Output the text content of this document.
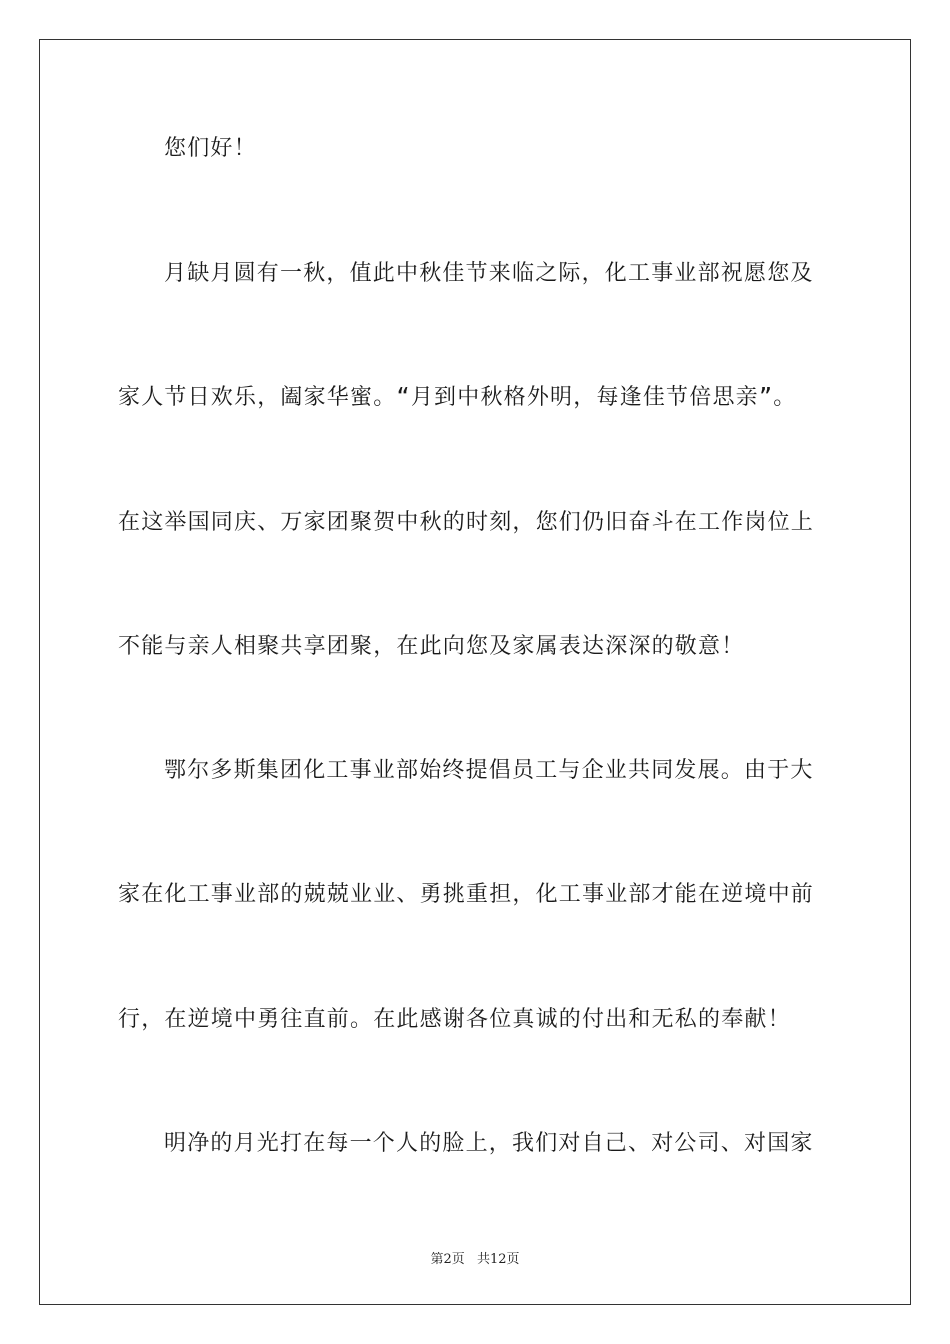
您们好！
月缺月圆有一秋，值此中秋佳节来临之际，化工事业部祝愿您及
家人节日欢乐，阖家华蜜。“月到中秋格外明，每逢佳节倍思亲”。
在这举国同庆、万家团聚贺中秋的时刻，您们仍旧奋斗在工作岗位上
不能与亲人相聚共享团聚，在此向您及家属表达深深的敬意！
鄂尔多斯集团化工事业部始终提倡员工与企业共同发展。由于大
家在化工事业部的兢兢业业、勇挑重担，化工事业部才能在逆境中前
行，在逆境中勇往直前。在此感谢各位真诚的付出和无私的奉献！
明净的月光打在每一个人的脸上，我们对自己、对公司、对国家
第2页 共12页
